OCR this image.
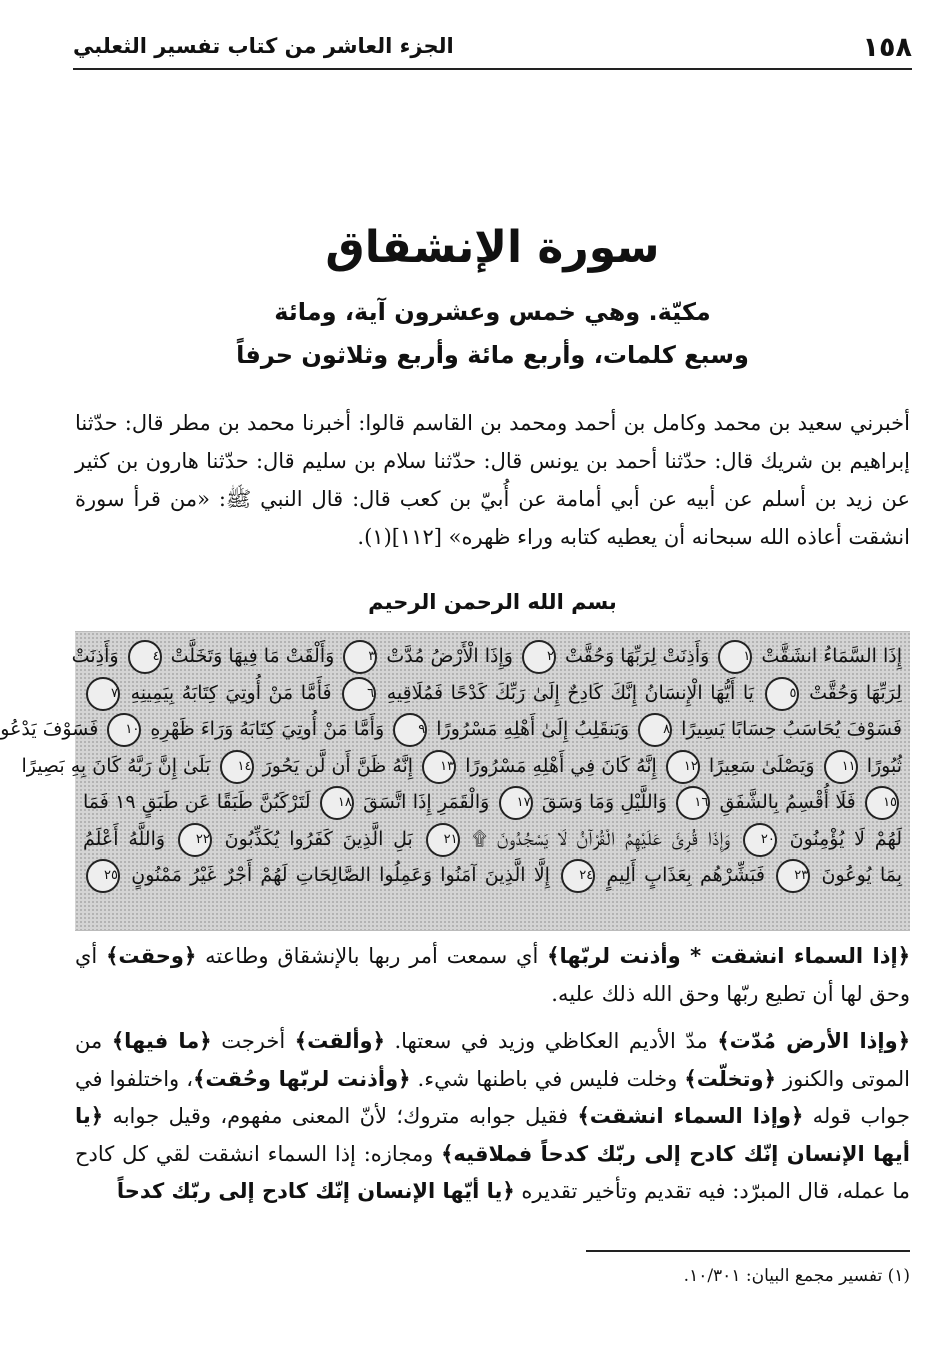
١٥٨
الجزء العاشر من كتاب تفسير الثعلبي
سورة الإنشقاق
مكيّة. وهي خمس وعشرون آية، ومائة
وسبع كلمات، وأربع مائة وأربع وثلاثون حرفاً

أخبرني سعيد بن محمد وكامل بن أحمد ومحمد بن القاسم قالوا: أخبرنا محمد بن مطر قال: حدّثنا إبراهيم بن شريك قال: حدّثنا أحمد بن يونس قال: حدّثنا سلام بن سليم قال: حدّثنا هارون بن كثير عن زيد بن أسلم عن أبيه عن أبي أمامة عن أُبيّ بن كعب قال: قال النبي ﷺ: «من قرأ سورة انشقت أعاذه الله سبحانه أن يعطيه كتابه وراء ظهره» [١١٢](١).

بسم الله الرحمن الرحيم
إِذَا السَّمَاءُ انشَقَّتْ ١ وَأَذِنَتْ لِرَبِّهَا وَحُقَّتْ ٢ وَإِذَا الْأَرْضُ مُدَّتْ ٣ وَأَلْقَتْ مَا فِيهَا وَتَخَلَّتْ ٤ وَأَذِنَتْ
لِرَبِّهَا وَحُقَّتْ ٥ يَا أَيُّهَا الْإِنسَانُ إِنَّكَ كَادِحٌ إِلَىٰ رَبِّكَ كَدْحًا فَمُلَاقِيهِ ٦ فَأَمَّا مَنْ أُوتِيَ كِتَابَهُ بِيَمِينِهِ ٧
فَسَوْفَ يُحَاسَبُ حِسَابًا يَسِيرًا ٨ وَيَنقَلِبُ إِلَىٰ أَهْلِهِ مَسْرُورًا ٩ وَأَمَّا مَنْ أُوتِيَ كِتَابَهُ وَرَاءَ ظَهْرِهِ ١٠ فَسَوْفَ يَدْعُو
ثُبُورًا ١١ وَيَصْلَىٰ سَعِيرًا ١٢ إِنَّهُ كَانَ فِي أَهْلِهِ مَسْرُورًا ١٣ إِنَّهُ ظَنَّ أَن لَّن يَحُورَ ١٤ بَلَىٰ إِنَّ رَبَّهُ كَانَ بِهِ بَصِيرًا
١٥ فَلَا أُقْسِمُ بِالشَّفَقِ ١٦ وَاللَّيْلِ وَمَا وَسَقَ ١٧ وَالْقَمَرِ إِذَا اتَّسَقَ ١٨ لَتَرْكَبُنَّ طَبَقًا عَن طَبَقٍ ١٩ فَمَا
لَهُمْ لَا يُؤْمِنُونَ ٢٠ وَإِذَا قُرِئَ عَلَيْهِمُ الْقُرْآنُ لَا يَسْجُدُونَ ۩ ٢١ بَلِ الَّذِينَ كَفَرُوا يُكَذِّبُونَ ٢٢ وَاللَّهُ أَعْلَمُ
بِمَا يُوعُونَ ٢٣ فَبَشِّرْهُم بِعَذَابٍ أَلِيمٍ ٢٤ إِلَّا الَّذِينَ آمَنُوا وَعَمِلُوا الصَّالِحَاتِ لَهُمْ أَجْرٌ غَيْرُ مَمْنُونٍ ٢٥

﴿إذا السماء انشقت * وأذنت لربّها﴾ أي سمعت أمر ربها بالإنشقاق وطاعته ﴿وحقت﴾ أي وحق لها أن تطيع ربّها وحق الله ذلك عليه.

﴿وإذا الأرض مُدّت﴾ مدّ الأديم العكاظي وزيد في سعتها. ﴿وألقت﴾ أخرجت ﴿ما فيها﴾ من الموتى والكنوز ﴿وتخلّت﴾ وخلت فليس في باطنها شيء. ﴿وأذنت لربّها وحُقت﴾، واختلفوا في جواب قوله ﴿وإذا السماء انشقت﴾ فقيل جوابه متروك؛ لأنّ المعنى مفهوم، وقيل جوابه ﴿يا أيها الإنسان إنّك كادح إلى ربّك كدحاً فملاقيه﴾ ومجازه: إذا السماء انشقت لقي كل كادح ما عمله، قال المبرّد: فيه تقديم وتأخير تقديره ﴿يا أيّها الإنسان إنّك كادح إلى ربّك كدحاً

(١) تفسير مجمع البيان: ١٠/٣٠١.
